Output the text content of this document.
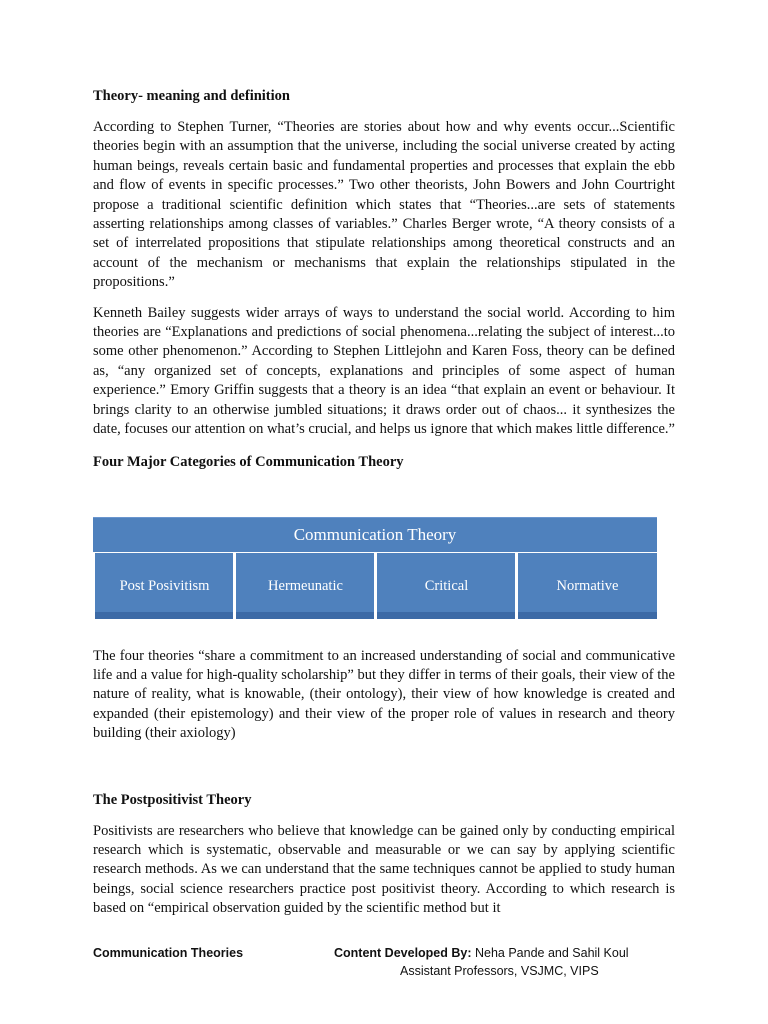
Theory- meaning and definition

According to Stephen Turner, “Theories are stories about how and why events occur...Scientific theories begin with an assumption that the universe, including the social universe created by acting human beings, reveals certain basic and fundamental properties and processes that explain the ebb and flow of events in specific processes.” Two other theorists, John Bowers and John Courtright propose a traditional scientific definition which states that “Theories...are sets of statements asserting relationships among classes of variables.” Charles Berger wrote, “A theory consists of a set of interrelated propositions that stipulate relationships among theoretical constructs and an account of the mechanism or mechanisms that explain the relationships stipulated in the propositions.”

Kenneth Bailey suggests wider arrays of ways to understand the social world. According to him theories are “Explanations and predictions of social phenomena...relating the subject of interest...to some other phenomenon.” According to Stephen Littlejohn and Karen Foss, theory can be defined as, “any organized set of concepts, explanations and principles of some aspect of human experience.” Emory Griffin suggests that a theory is an idea “that explain an event or behaviour. It brings clarity to an otherwise jumbled situations; it draws order out of chaos... it synthesizes the date, focuses our attention on what’s crucial, and helps us ignore that which makes little difference.”

Four Major Categories of Communication Theory
Communication Theory
Post Posivitism	Hermeunatic	Critical	Normative

The four theories “share a commitment to an increased understanding of social and communicative life and a value for high-quality scholarship” but they differ in terms of their goals, their view of the nature of reality, what is knowable, (their ontology), their view of how knowledge is created and expanded (their epistemology) and their view of the proper role of values in research and theory building (their axiology)

The Postpositivist Theory

Positivists are researchers who believe that knowledge can be gained only by conducting empirical research which is systematic, observable and measurable or we can say by applying scientific research methods. As we can understand that the same techniques cannot be applied to study human beings, social science researchers practice post positivist theory. According to which research is based on “empirical observation guided by the scientific method but it

Communication Theories	Content Developed By: Neha Pande and Sahil Koul
Assistant Professors, VSJMC, VIPS
